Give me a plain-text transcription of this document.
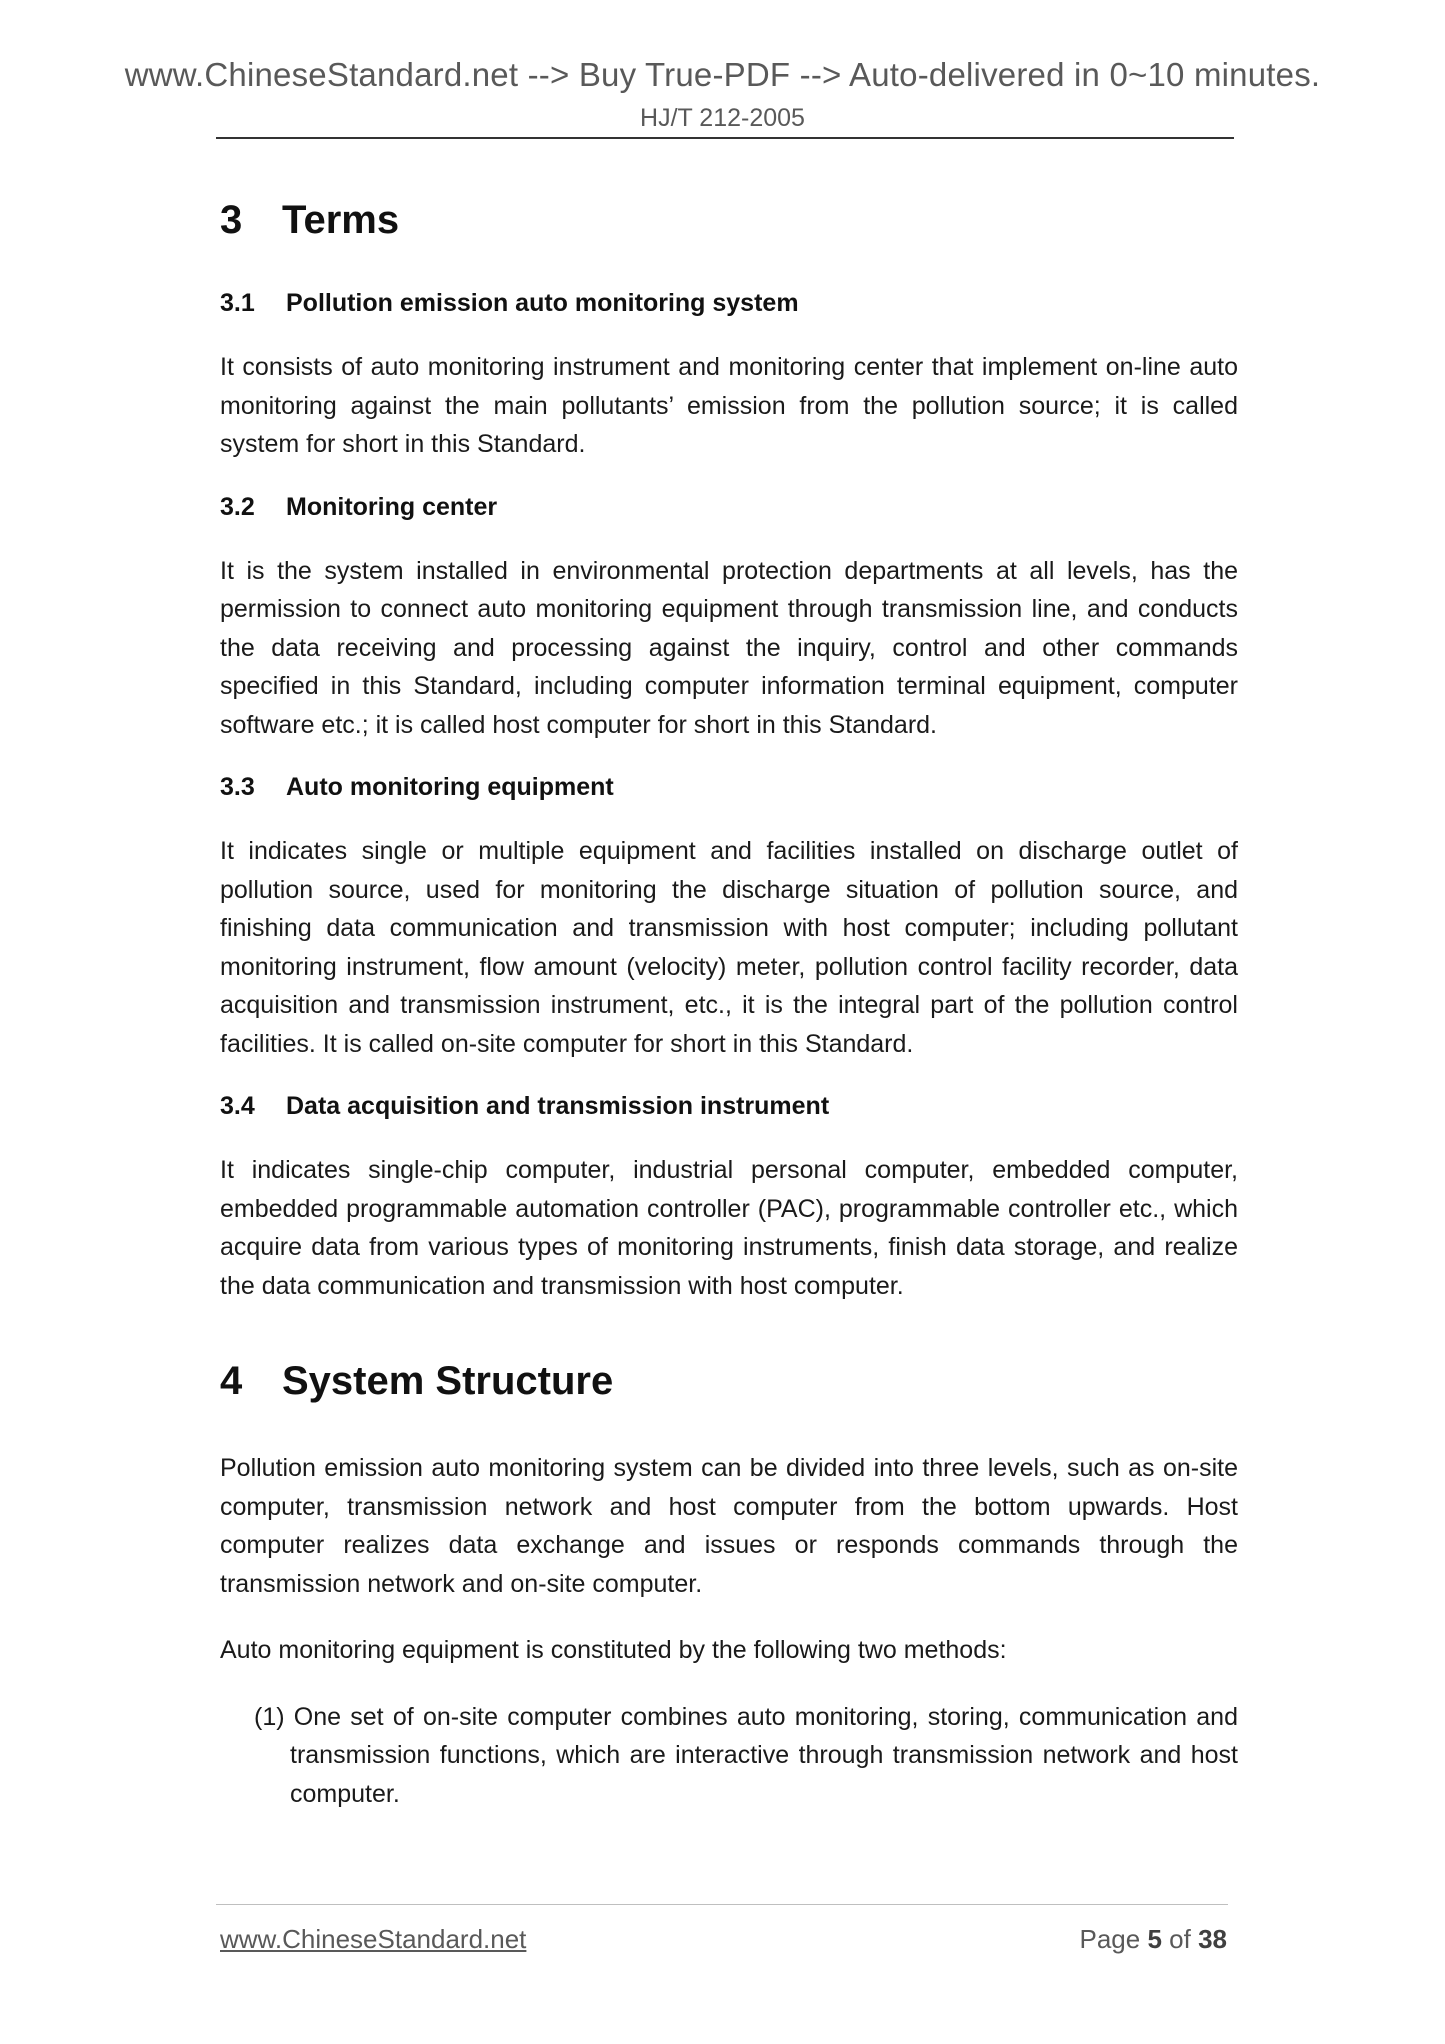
www.ChineseStandard.net --> Buy True-PDF --> Auto-delivered in 0~10 minutes.
HJ/T 212-2005
3 Terms
3.1 Pollution emission auto monitoring system

It consists of auto monitoring instrument and monitoring center that implement on-line auto monitoring against the main pollutants’ emission from the pollution source; it is called system for short in this Standard.

3.2 Monitoring center

It is the system installed in environmental protection departments at all levels, has the permission to connect auto monitoring equipment through transmission line, and conducts the data receiving and processing against the inquiry, control and other commands specified in this Standard, including computer information terminal equipment, computer software etc.; it is called host computer for short in this Standard.

3.3 Auto monitoring equipment

It indicates single or multiple equipment and facilities installed on discharge outlet of pollution source, used for monitoring the discharge situation of pollution source, and finishing data communication and transmission with host computer; including pollutant monitoring instrument, flow amount (velocity) meter, pollution control facility recorder, data acquisition and transmission instrument, etc., it is the integral part of the pollution control facilities. It is called on-site computer for short in this Standard.

3.4 Data acquisition and transmission instrument

It indicates single-chip computer, industrial personal computer, embedded computer, embedded programmable automation controller (PAC), programmable controller etc., which acquire data from various types of monitoring instruments, finish data storage, and realize the data communication and transmission with host computer.

4 System Structure

Pollution emission auto monitoring system can be divided into three levels, such as on-site computer, transmission network and host computer from the bottom upwards. Host computer realizes data exchange and issues or responds commands through the transmission network and on-site computer.

Auto monitoring equipment is constituted by the following two methods:

(1) One set of on-site computer combines auto monitoring, storing, communication and transmission functions, which are interactive through transmission network and host computer.
www.ChineseStandard.net	Page 5 of 38
